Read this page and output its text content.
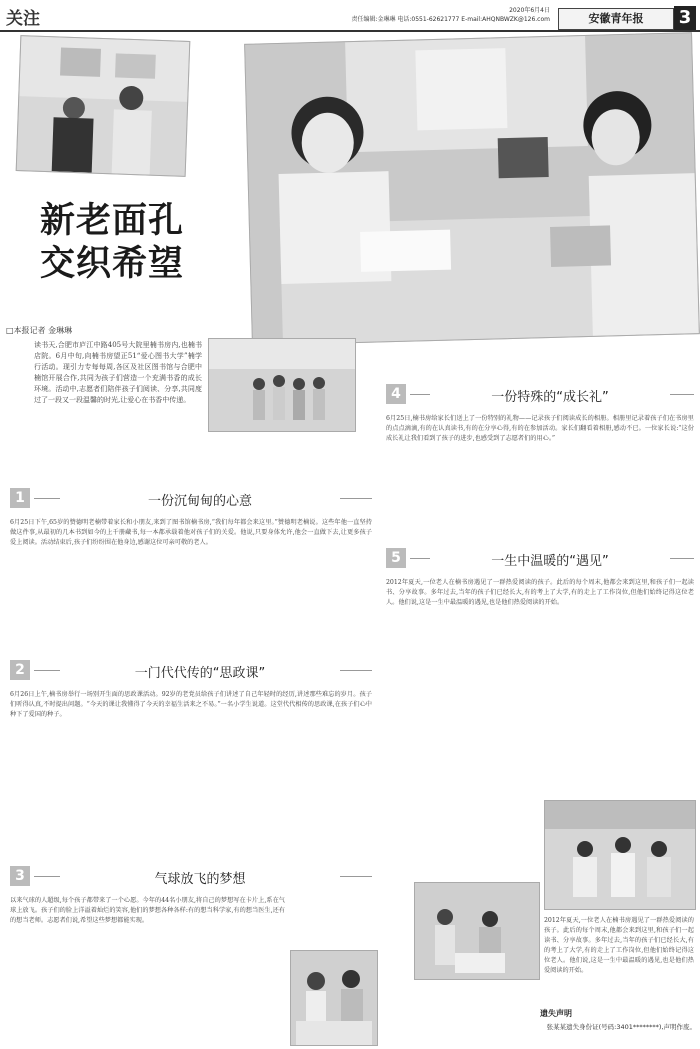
关注	2020年6月4日
责任编辑:金琳琳 电话:0551-62621777 E-mail:AHQNBWZK@126.com	安徽青年报	3
新老面孔
交织希望
□本报记者 金琳琳
读书天,合肥市庐江中路405号大院里楠书房内,也楠书店院。6月中旬,向楠书房望正51“爱心图书大学”楠学行活动。现引力专每每周,各区及社区图书馆与合肥中楠馆开展合作,共同为孩子们营造一个充满书香的成长环境。活动中,志愿者们陪伴孩子们阅读、分享,共同度过了一段又一段温馨的时光,让爱心在书香中传递。
1	一份沉甸甸的心意
6月25日下午,65岁的赞德明老楠带着家长和小朋友,来到了图书馆楠书房,“我们每年都会来这里。”赞德明老楠说。这些年他一直坚持做这件事,从最初的几本书到如今的上千册藏书,每一本都承载着他对孩子们的关爱。他说,只要身体允许,他会一直做下去,让更多孩子爱上阅读。活动结束后,孩子们纷纷围在他身边,感谢这位可亲可敬的老人。
2	一门代代传的“思政课”
6月26日上午,楠书房举行一场别开生面的思政课活动。92岁的老党员给孩子们讲述了自己年轻时的经历,讲述那些难忘的岁月。孩子们听得认真,不时提出问题。“今天的课让我懂得了今天的幸福生活来之不易。”一名小学生说道。这堂代代相传的思政课,在孩子们心中种下了爱国的种子。
3	气球放飞的梦想
以来气球的人超级,每个孩子都带来了一个心愿。今年的44名小朋友,将自己的梦想写在卡片上,系在气球上放飞。孩子们的脸上洋溢着灿烂的笑容,他们的梦想各种各样:有的想当科学家,有的想当医生,还有的想当老师。志愿者们说,希望这些梦想都能实现。
4	一份特殊的“成长礼”
6月25日,楠书房给家长们送上了一份特别的礼物——记录孩子们阅读成长的相册。相册里记录着孩子们在书房里的点点滴滴,有的在认真读书,有的在分享心得,有的在参加活动。家长们翻看着相册,感动不已。一位家长说:“这份成长礼让我们看到了孩子的进步,也感受到了志愿者们的用心。”
5	一生中温暖的“遇见”
2012年夏天,一位老人在楠书房遇见了一群热爱阅读的孩子。此后的每个周末,他都会来到这里,和孩子们一起读书、分享故事。多年过去,当年的孩子们已经长大,有的考上了大学,有的走上了工作岗位,但他们始终记得这位老人。他们说,这是一生中最温暖的遇见,也是他们热爱阅读的开始。
2012年夏天,一位老人在楠书房遇见了一群热爱阅读的孩子。此后的每个周末,他都会来到这里,和孩子们一起读书、分享故事。多年过去,当年的孩子们已经长大,有的考上了大学,有的走上了工作岗位,但他们始终记得这位老人。他们说,这是一生中最温暖的遇见,也是他们热爱阅读的开始。
遗失声明
张某某遗失身份证(号码:3401********),声明作废。
